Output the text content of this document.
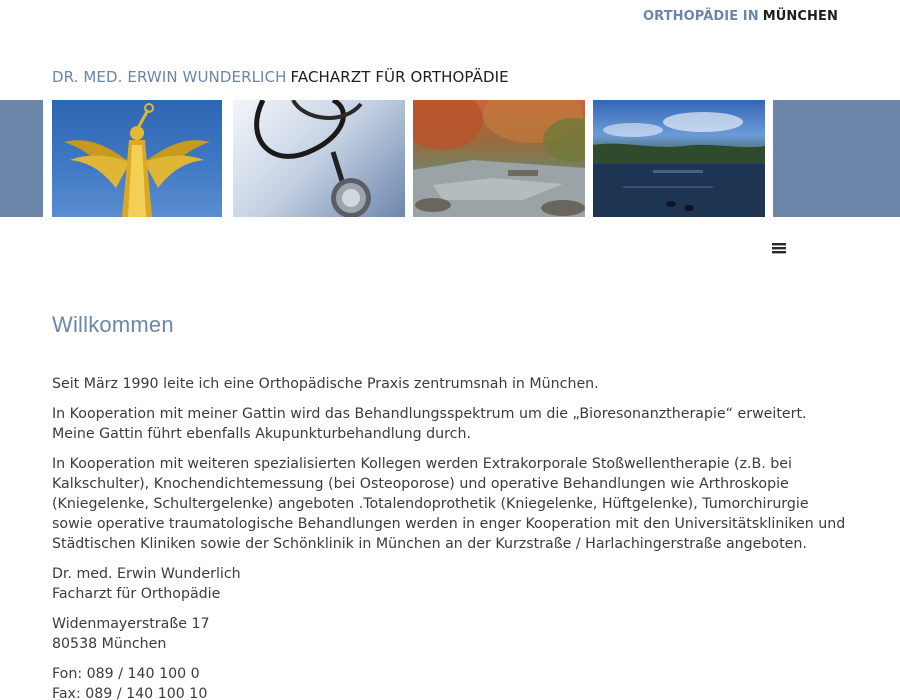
ORTHOPÄDIE IN MÜNCHEN
DR. MED. ERWIN WUNDERLICH FACHARZT FÜR ORTHOPÄDIE
Willkommen

Seit März 1990 leite ich eine Orthopädische Praxis zentrumsnah in München.

In Kooperation mit meiner Gattin wird das Behandlungsspektrum um die „Bioresonanztherapie“ erweitert. Meine Gattin führt ebenfalls Akupunkturbehandlung durch.

In Kooperation mit weiteren spezialisierten Kollegen werden Extrakorporale Stoßwellentherapie (z.B. bei Kalkschulter), Knochendichtemessung (bei Osteoporose) und operative Behandlungen wie Arthroskopie (Kniegelenke, Schultergelenke) angeboten .Totalendoprothetik (Kniegelenke, Hüftgelenke), Tumorchirurgie sowie operative traumatologische Behandlungen werden in enger Kooperation mit den Universitätskliniken und Städtischen Kliniken sowie der Schönklinik in München an der Kurzstraße / Harlachingerstraße angeboten.

Dr. med. Erwin Wunderlich
Facharzt für Orthopädie

Widenmayerstraße 17
80538 München

Fon: 089 / 140 100 0
Fax: 089 / 140 100 10
